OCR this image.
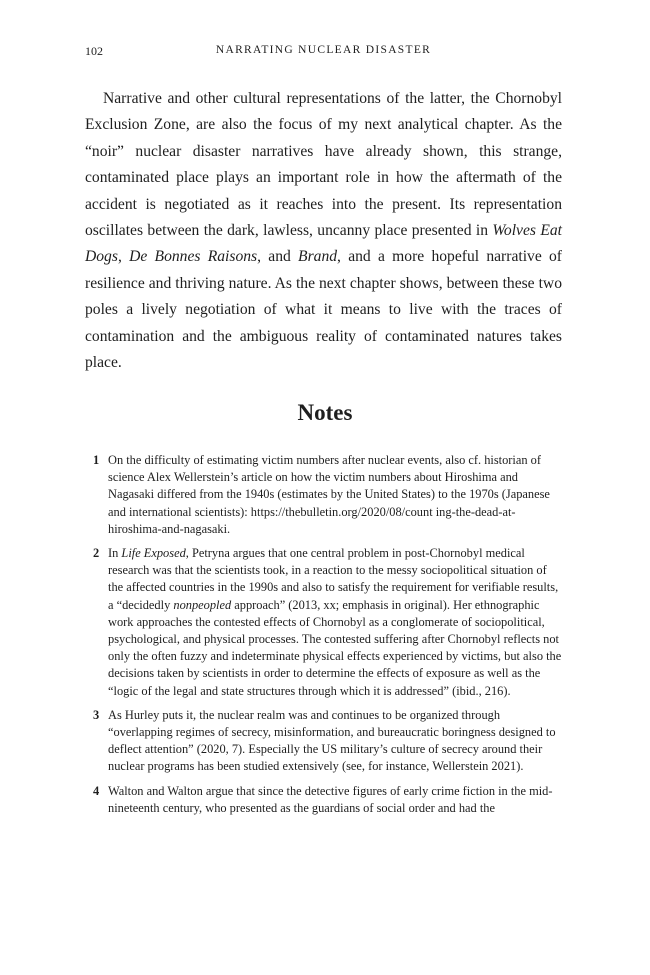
102	NARRATING NUCLEAR DISASTER

Narrative and other cultural representations of the latter, the Chornobyl Exclusion Zone, are also the focus of my next analytical chapter. As the “noir” nuclear disaster narratives have already shown, this strange, contaminated place plays an important role in how the aftermath of the accident is negotiated as it reaches into the present. Its representation oscillates between the dark, lawless, uncanny place presented in Wolves Eat Dogs, De Bonnes Raisons, and Brand, and a more hopeful narrative of resilience and thriving nature. As the next chapter shows, between these two poles a lively negotiation of what it means to live with the traces of contamination and the ambiguous reality of contaminated natures takes place.

Notes
1 On the difficulty of estimating victim numbers after nuclear events, also cf. historian of science Alex Wellerstein’s article on how the victim numbers about Hiroshima and Nagasaki differed from the 1940s (estimates by the United States) to the 1970s (Japanese and international scientists): https://thebulletin.org/2020/08/count ing-the-dead-at-hiroshima-and-nagasaki.
2 In Life Exposed, Petryna argues that one central problem in post-Chornobyl medical research was that the scientists took, in a reaction to the messy sociopolitical situation of the affected countries in the 1990s and also to satisfy the requirement for verifiable results, a “decidedly nonpeopled approach” (2013, xx; emphasis in original). Her ethnographic work approaches the contested effects of Chornobyl as a conglomerate of sociopolitical, psychological, and physical processes. The contested suffering after Chornobyl reflects not only the often fuzzy and indeterminate physical effects experienced by victims, but also the decisions taken by scientists in order to determine the effects of exposure as well as the “logic of the legal and state structures through which it is addressed” (ibid., 216).
3 As Hurley puts it, the nuclear realm was and continues to be organized through “overlapping regimes of secrecy, misinformation, and bureaucratic boringness designed to deflect attention” (2020, 7). Especially the US military’s culture of secrecy around their nuclear programs has been studied extensively (see, for instance, Wellerstein 2021).
4 Walton and Walton argue that since the detective figures of early crime fiction in the mid-nineteenth century, who presented as the guardians of social order and had the
